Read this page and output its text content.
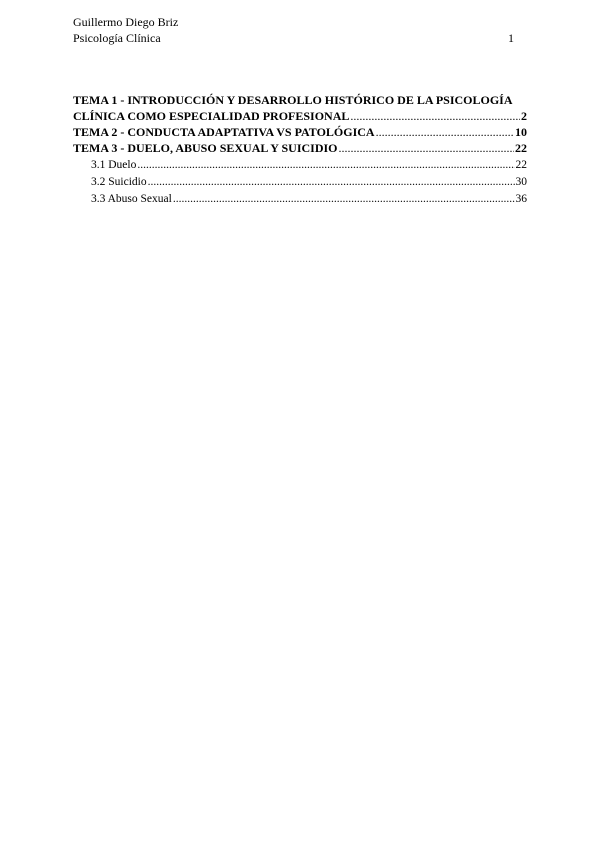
Guillermo Diego Briz
Psicología Clínica	1
TEMA 1 - INTRODUCCIÓN Y DESARROLLO HISTÓRICO DE LA PSICOLOGÍA
CLÍNICA COMO ESPECIALIDAD PROFESIONAL .....	2
TEMA 2 - CONDUCTA ADAPTATIVA VS PATOLÓGICA .....	10
TEMA 3 - DUELO, ABUSO SEXUAL Y SUICIDIO .....	22
3.1 Duelo .....	22
3.2 Suicidio .....	30
3.3 Abuso Sexual .....	36
